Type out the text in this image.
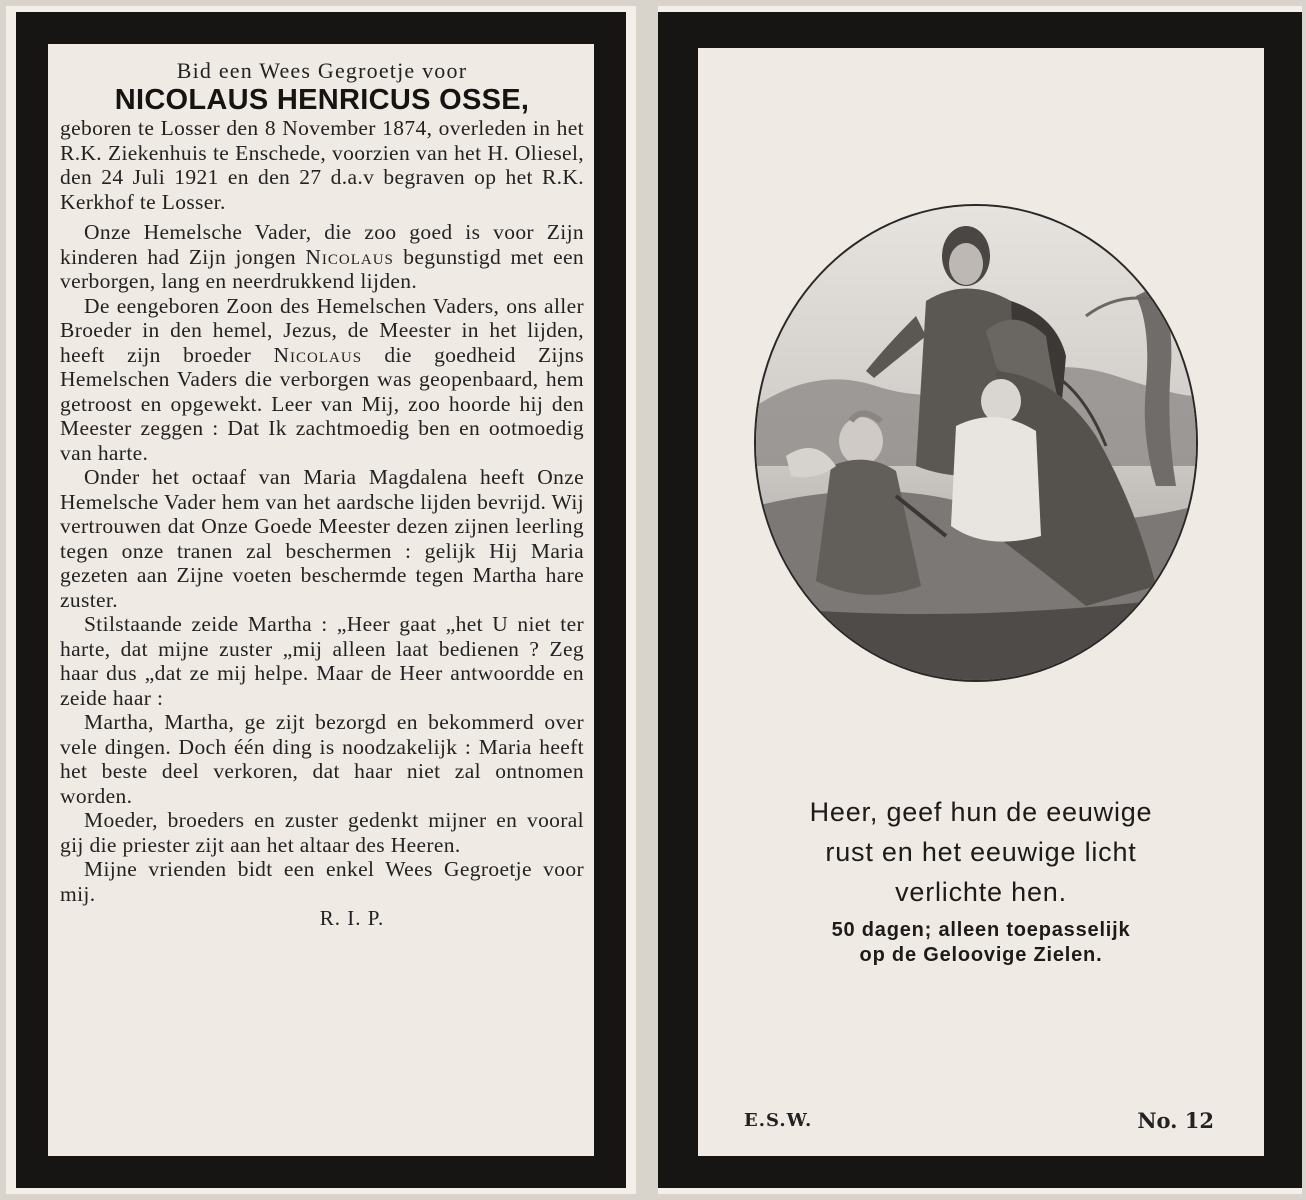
Bid een Wees Gegroetje voor
NICOLAUS HENRICUS OSSE,

geboren te Losser den 8 November 1874, overleden in het R.K. Ziekenhuis te Enschede, voorzien van het H. Oliesel, den 24 Juli 1921 en den 27 d.a.v begraven op het R.K. Kerkhof te Losser.

Onze Hemelsche Vader, die zoo goed is voor Zijn kinderen had Zijn jongen Nicolaus begunstigd met een verborgen, lang en neerdrukkend lijden.

De eengeboren Zoon des Hemelschen Vaders, ons aller Broeder in den hemel, Jezus, de Meester in het lijden, heeft zijn broeder Nicolaus die goedheid Zijns Hemelschen Vaders die verborgen was geopenbaard, hem getroost en opgewekt. Leer van Mij, zoo hoorde hij den Meester zeggen : Dat Ik zachtmoedig ben en ootmoedig van harte.

Onder het octaaf van Maria Magdalena heeft Onze Hemelsche Vader hem van het aardsche lijden bevrijd. Wij vertrouwen dat Onze Goede Meester dezen zijnen leerling tegen onze tranen zal beschermen : gelijk Hij Maria gezeten aan Zijne voeten beschermde tegen Martha hare zuster.

Stilstaande zeide Martha : „Heer gaat „het U niet ter harte, dat mijne zuster „mij alleen laat bedienen ? Zeg haar dus „dat ze mij helpe. Maar de Heer antwoordde en zeide haar :

Martha, Martha, ge zijt bezorgd en bekommerd over vele dingen. Doch één ding is noodzakelijk : Maria heeft het beste deel verkoren, dat haar niet zal ontnomen worden.

Moeder, broeders en zuster gedenkt mijner en vooral gij die priester zijt aan het altaar des Heeren.

Mijne vrienden bidt een enkel Wees Gegroetje voor mij.

R. I. P.
Heer, geef hun de eeuwige
rust en het eeuwige licht
verlichte hen.
50 dagen; alleen toepasselijk
op de Geloovige Zielen.
E.S.W.	No. 12
